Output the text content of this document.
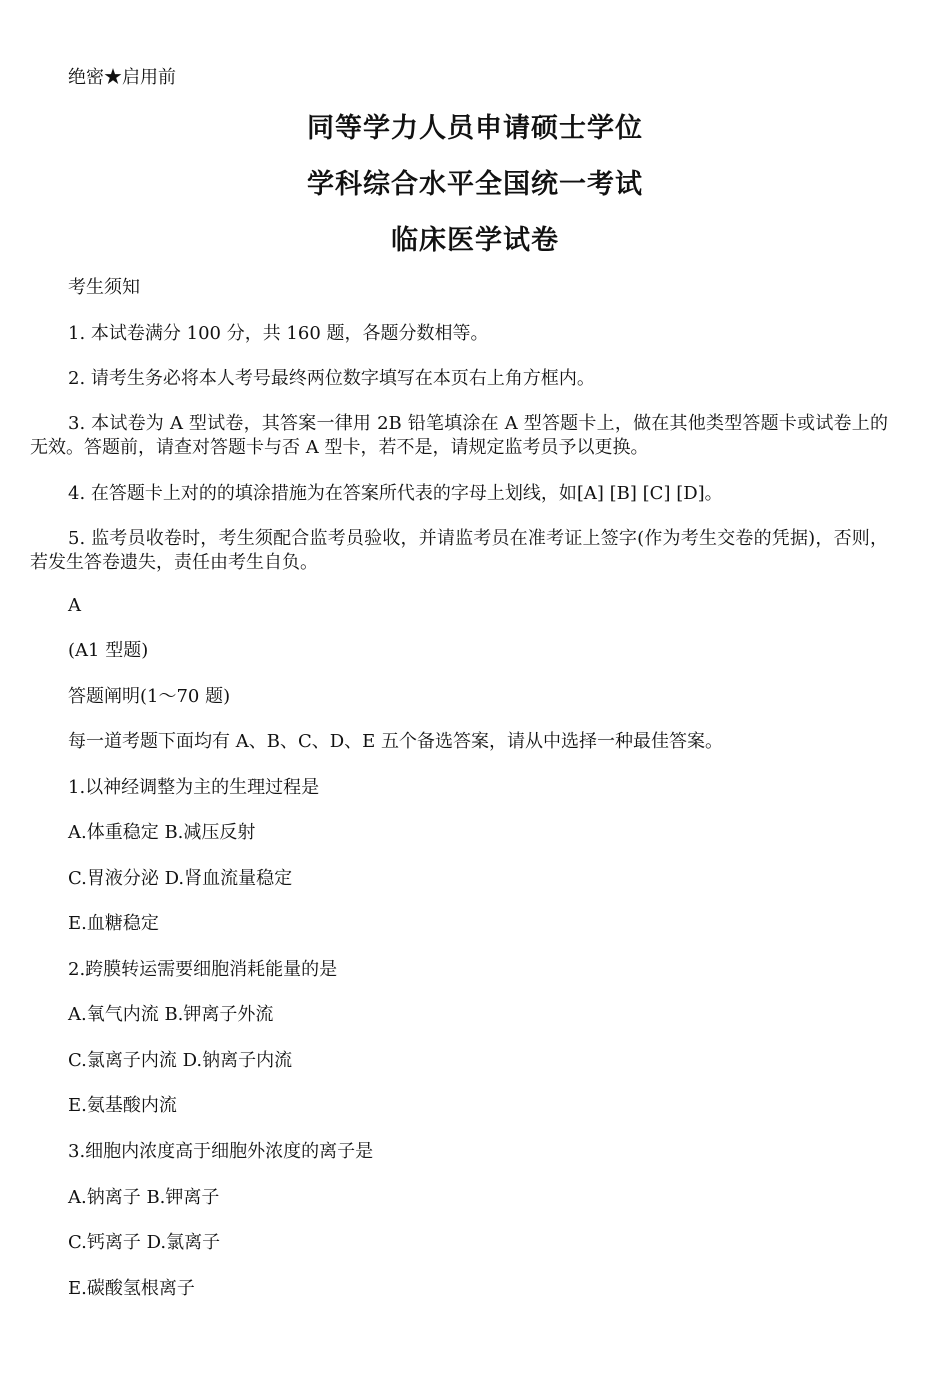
绝密★启用前
同等学力人员申请硕士学位
学科综合水平全国统一考试
临床医学试卷
考生须知
1. 本试卷满分 100 分，共 160 题，各题分数相等。
2. 请考生务必将本人考号最终两位数字填写在本页右上角方框内。
3. 本试卷为 A 型试卷，其答案一律用 2B 铅笔填涂在 A 型答题卡上，做在其他类型答题卡或试卷上的无效。答题前，请查对答题卡与否 A 型卡，若不是，请规定监考员予以更换。
4. 在答题卡上对的的填涂措施为在答案所代表的字母上划线，如[A] [B] [C] [D]。
5. 监考员收卷时，考生须配合监考员验收，并请监考员在准考证上签字(作为考生交卷的凭据)，否则，若发生答卷遗失，责任由考生自负。
A
(A1 型题)
答题阐明(1～70 题)
每一道考题下面均有 A、B、C、D、E 五个备选答案，请从中选择一种最佳答案。
1.以神经调整为主的生理过程是
A.体重稳定 B.减压反射
C.胃液分泌 D.肾血流量稳定
E.血糖稳定
2.跨膜转运需要细胞消耗能量的是
A.氧气内流 B.钾离子外流
C.氯离子内流 D.钠离子内流
E.氨基酸内流
3.细胞内浓度高于细胞外浓度的离子是
A.钠离子 B.钾离子
C.钙离子 D.氯离子
E.碳酸氢根离子
